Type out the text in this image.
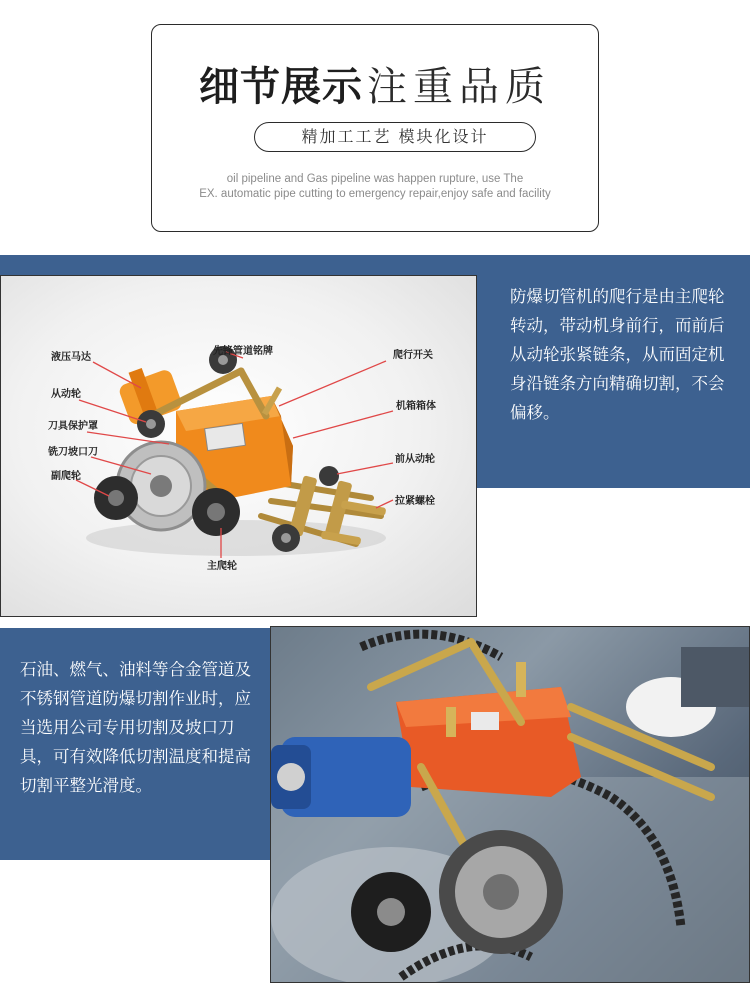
细节展示 注重品质
精加工工艺 模块化设计
oil pipeline and Gas pipeline was happen rupture, use The
EX. automatic pipe cutting to emergency repair,enjoy safe and facility
液压马达
从动轮
刀具保护罩
铣刀坡口刀
副爬轮
先锋管道铭牌	爬行开关
机箱箱体
前从动轮
拉紧螺栓
主爬轮
防爆切管机的爬行是由主爬轮转动，带动机身前行，而前后从动轮张紧链条，从而固定机身沿链条方向精确切割，不会偏移。
石油、燃气、油料等合金管道及不锈钢管道防爆切割作业时，应当选用公司专用切割及坡口刀具，可有效降低切割温度和提高切割平整光滑度。
